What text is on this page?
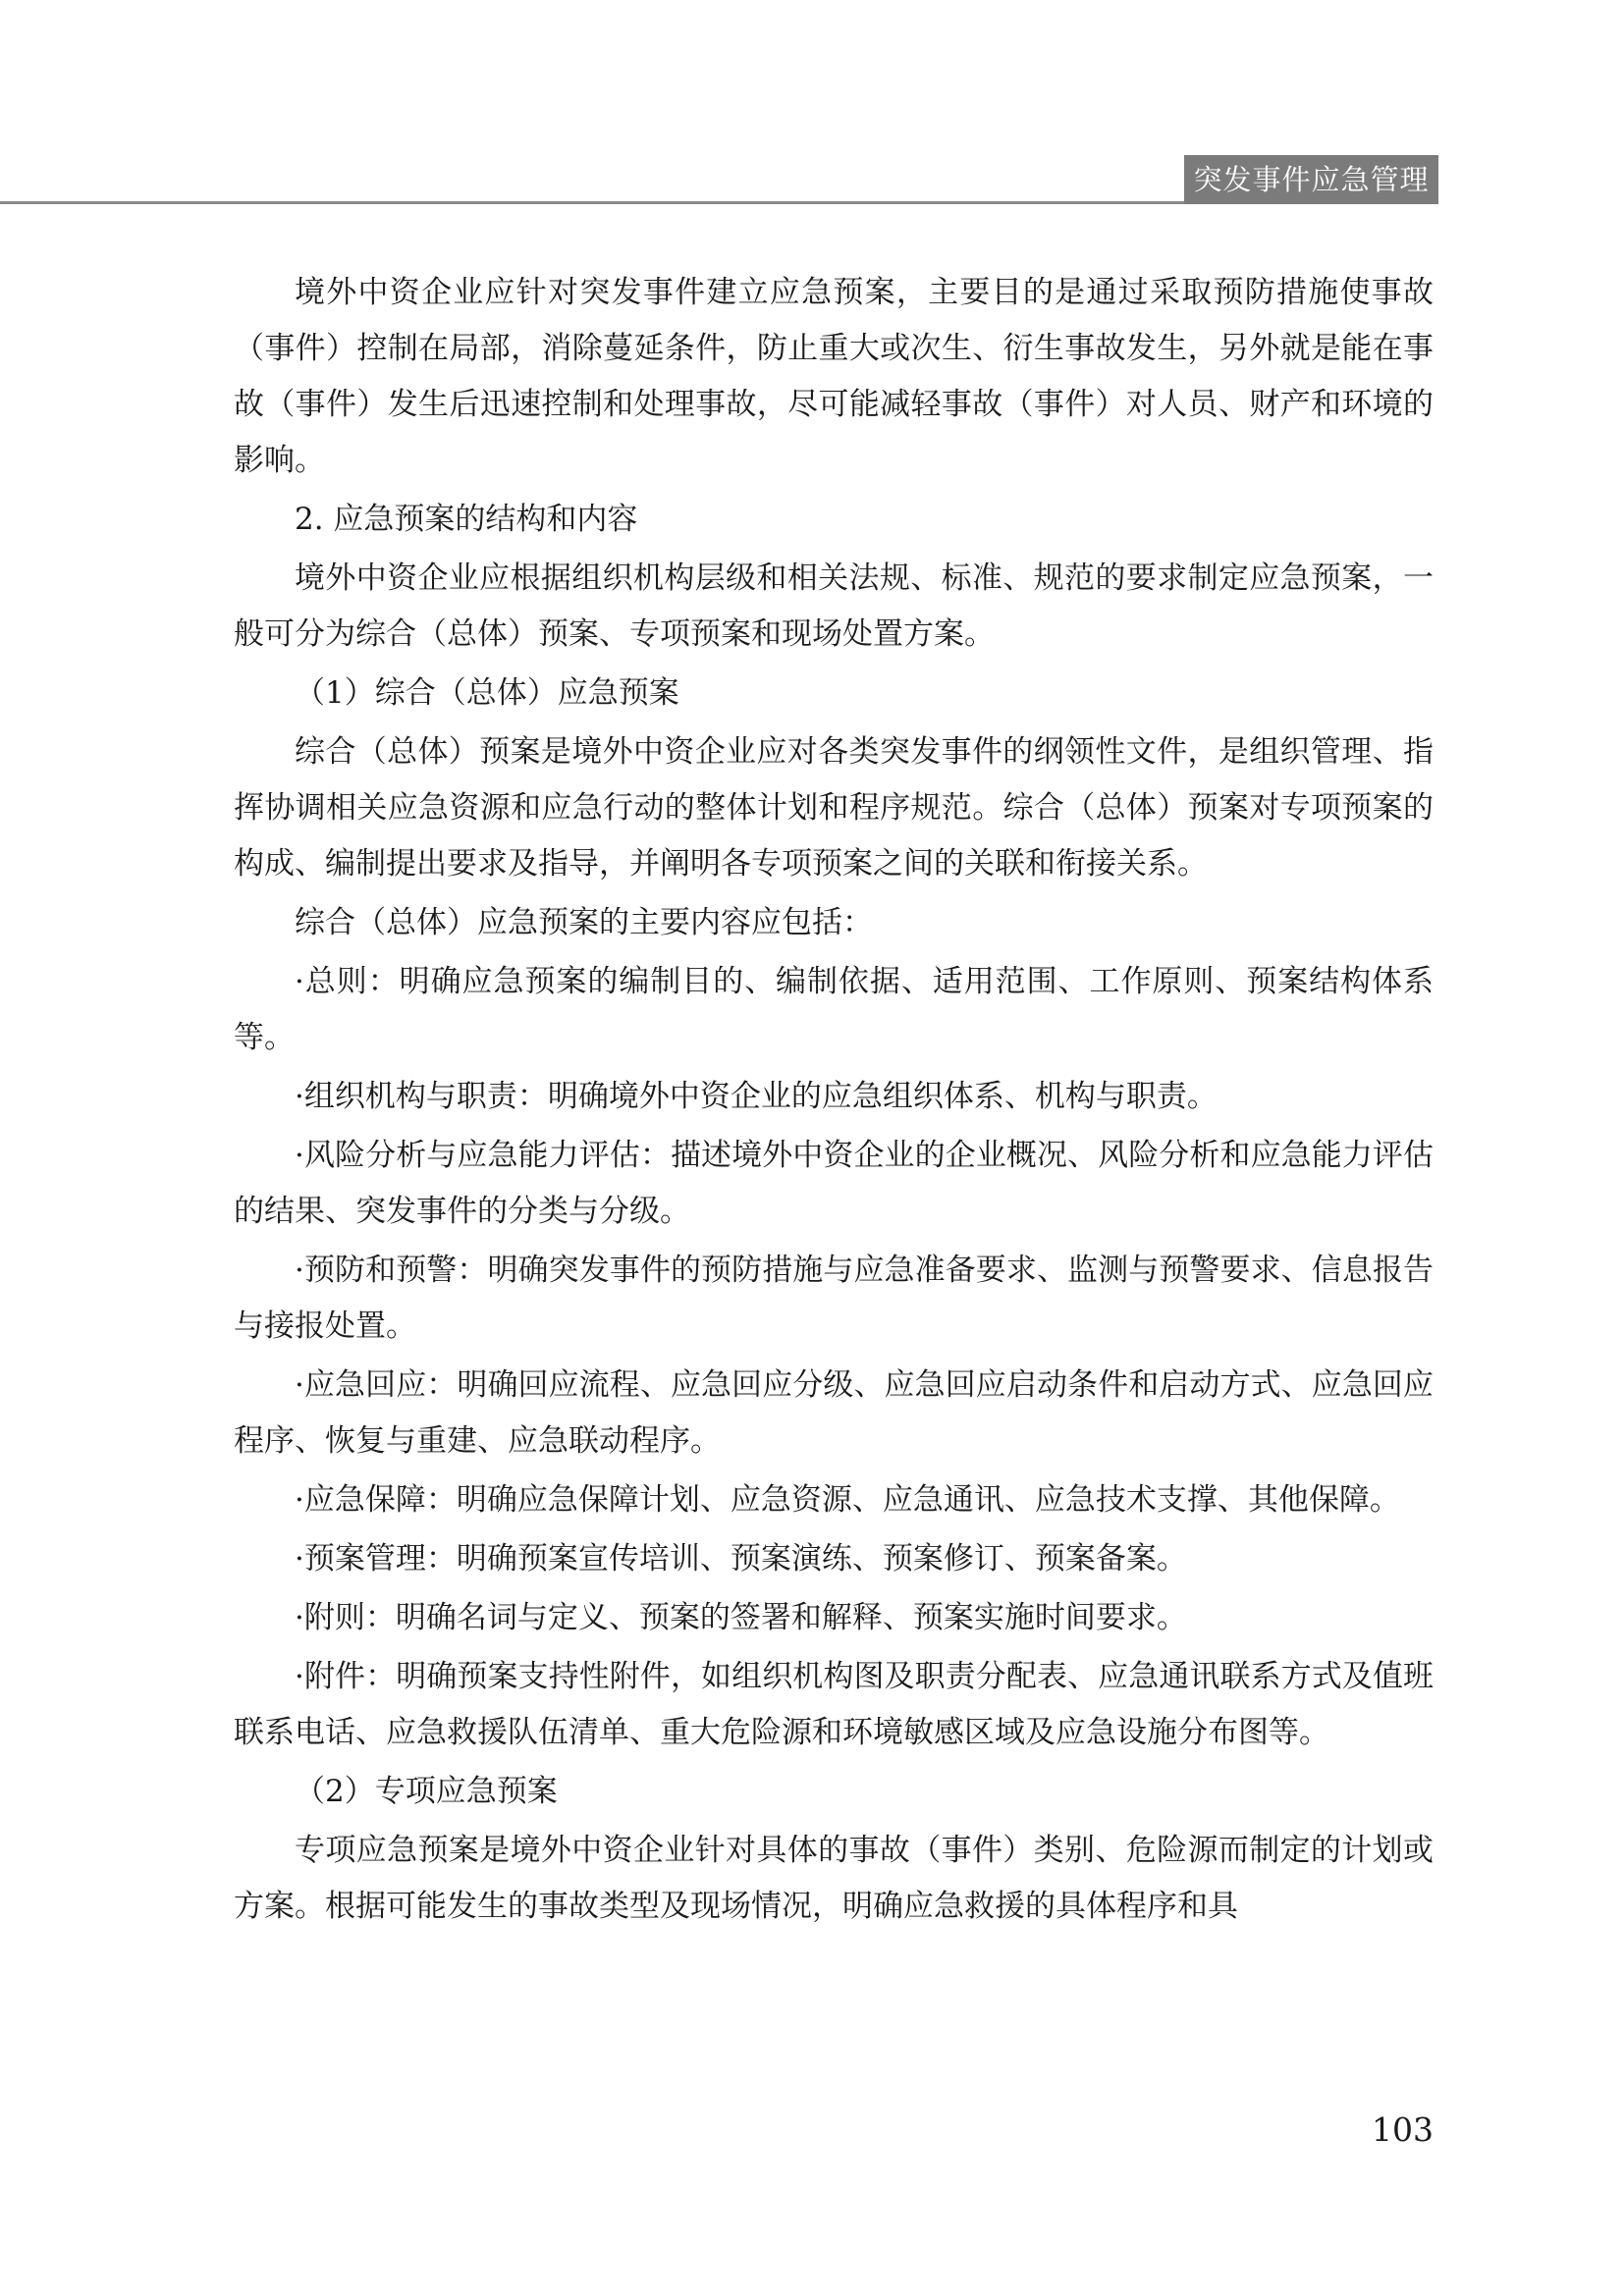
突发事件应急管理

境外中资企业应针对突发事件建立应急预案，主要目的是通过采取预防措施使事故（事件）控制在局部，消除蔓延条件，防止重大或次生、衍生事故发生，另外就是能在事故（事件）发生后迅速控制和处理事故，尽可能减轻事故（事件）对人员、财产和环境的影响。

2. 应急预案的结构和内容

境外中资企业应根据组织机构层级和相关法规、标准、规范的要求制定应急预案，一般可分为综合（总体）预案、专项预案和现场处置方案。

（1）综合（总体）应急预案

综合（总体）预案是境外中资企业应对各类突发事件的纲领性文件，是组织管理、指挥协调相关应急资源和应急行动的整体计划和程序规范。综合（总体）预案对专项预案的构成、编制提出要求及指导，并阐明各专项预案之间的关联和衔接关系。

综合（总体）应急预案的主要内容应包括：

·总则：明确应急预案的编制目的、编制依据、适用范围、工作原则、预案结构体系等。

·组织机构与职责：明确境外中资企业的应急组织体系、机构与职责。

·风险分析与应急能力评估：描述境外中资企业的企业概况、风险分析和应急能力评估的结果、突发事件的分类与分级。

·预防和预警：明确突发事件的预防措施与应急准备要求、监测与预警要求、信息报告与接报处置。

·应急回应：明确回应流程、应急回应分级、应急回应启动条件和启动方式、应急回应程序、恢复与重建、应急联动程序。

·应急保障：明确应急保障计划、应急资源、应急通讯、应急技术支撑、其他保障。

·预案管理：明确预案宣传培训、预案演练、预案修订、预案备案。

·附则：明确名词与定义、预案的签署和解释、预案实施时间要求。

·附件：明确预案支持性附件，如组织机构图及职责分配表、应急通讯联系方式及值班联系电话、应急救援队伍清单、重大危险源和环境敏感区域及应急设施分布图等。

（2）专项应急预案

专项应急预案是境外中资企业针对具体的事故（事件）类别、危险源而制定的计划或方案。根据可能发生的事故类型及现场情况，明确应急救援的具体程序和具

103
